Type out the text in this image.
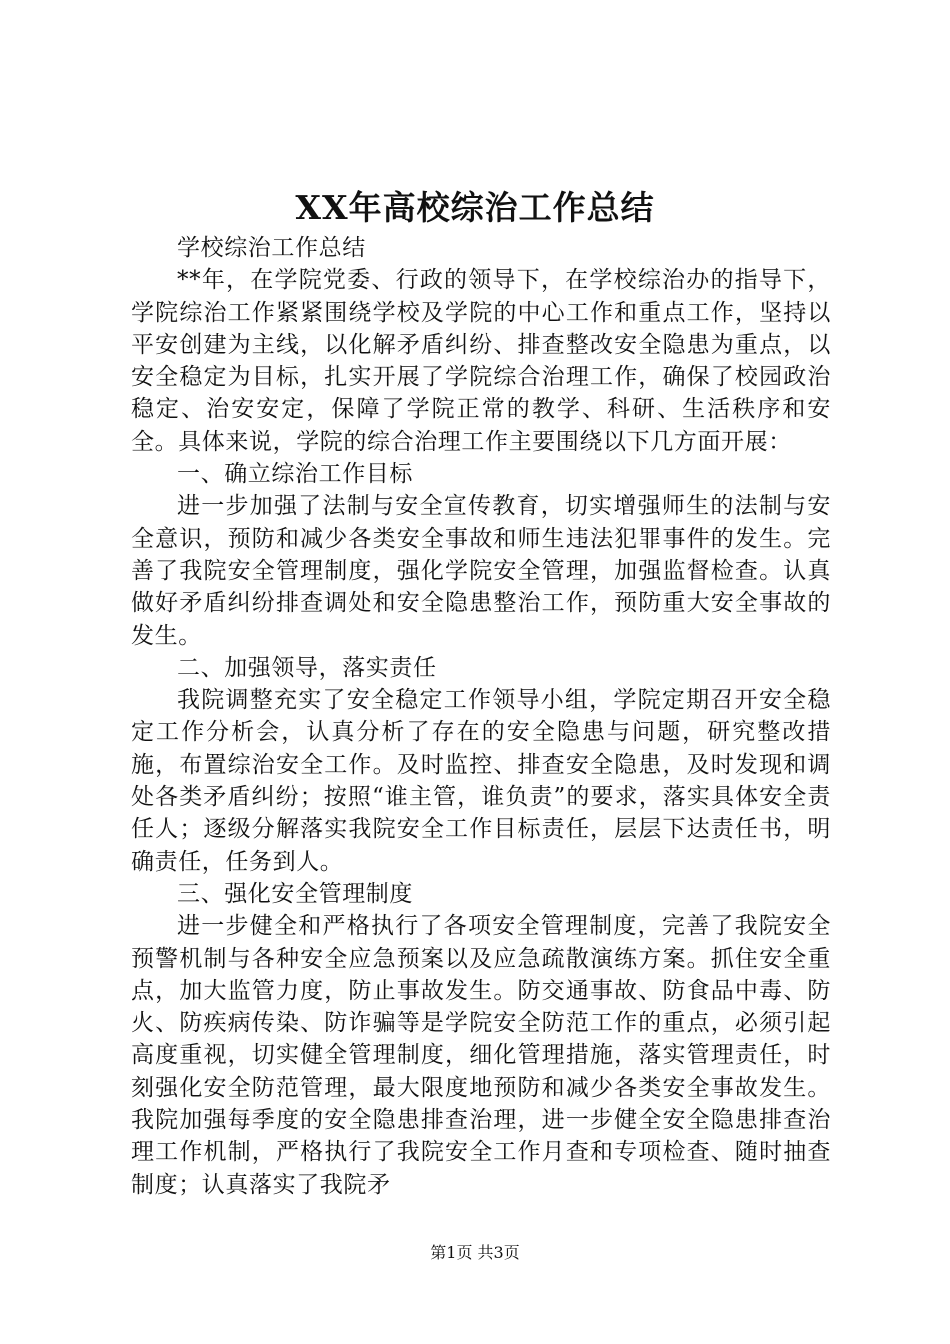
XX年高校综治工作总结

学校综治工作总结

**年，在学院党委、行政的领导下，在学校综治办的指导下，学院综治工作紧紧围绕学校及学院的中心工作和重点工作，坚持以平安创建为主线，以化解矛盾纠纷、排查整改安全隐患为重点，以安全稳定为目标，扎实开展了学院综合治理工作，确保了校园政治稳定、治安安定，保障了学院正常的教学、科研、生活秩序和安全。具体来说，学院的综合治理工作主要围绕以下几方面开展：

一、确立综治工作目标

进一步加强了法制与安全宣传教育，切实增强师生的法制与安全意识，预防和减少各类安全事故和师生违法犯罪事件的发生。完善了我院安全管理制度，强化学院安全管理，加强监督检查。认真做好矛盾纠纷排查调处和安全隐患整治工作，预防重大安全事故的发生。

二、加强领导，落实责任

我院调整充实了安全稳定工作领导小组，学院定期召开安全稳定工作分析会，认真分析了存在的安全隐患与问题，研究整改措施，布置综治安全工作。及时监控、排查安全隐患，及时发现和调处各类矛盾纠纷；按照“谁主管，谁负责”的要求，落实具体安全责任人；逐级分解落实我院安全工作目标责任，层层下达责任书，明确责任，任务到人。

三、强化安全管理制度

进一步健全和严格执行了各项安全管理制度，完善了我院安全预警机制与各种安全应急预案以及应急疏散演练方案。抓住安全重点，加大监管力度，防止事故发生。防交通事故、防食品中毒、防火、防疾病传染、防诈骗等是学院安全防范工作的重点，必须引起高度重视，切实健全管理制度，细化管理措施，落实管理责任，时刻强化安全防范管理，最大限度地预防和减少各类安全事故发生。我院加强每季度的安全隐患排查治理，进一步健全安全隐患排查治理工作机制，严格执行了我院安全工作月查和专项检查、随时抽查制度；认真落实了我院矛

第1页 共3页
